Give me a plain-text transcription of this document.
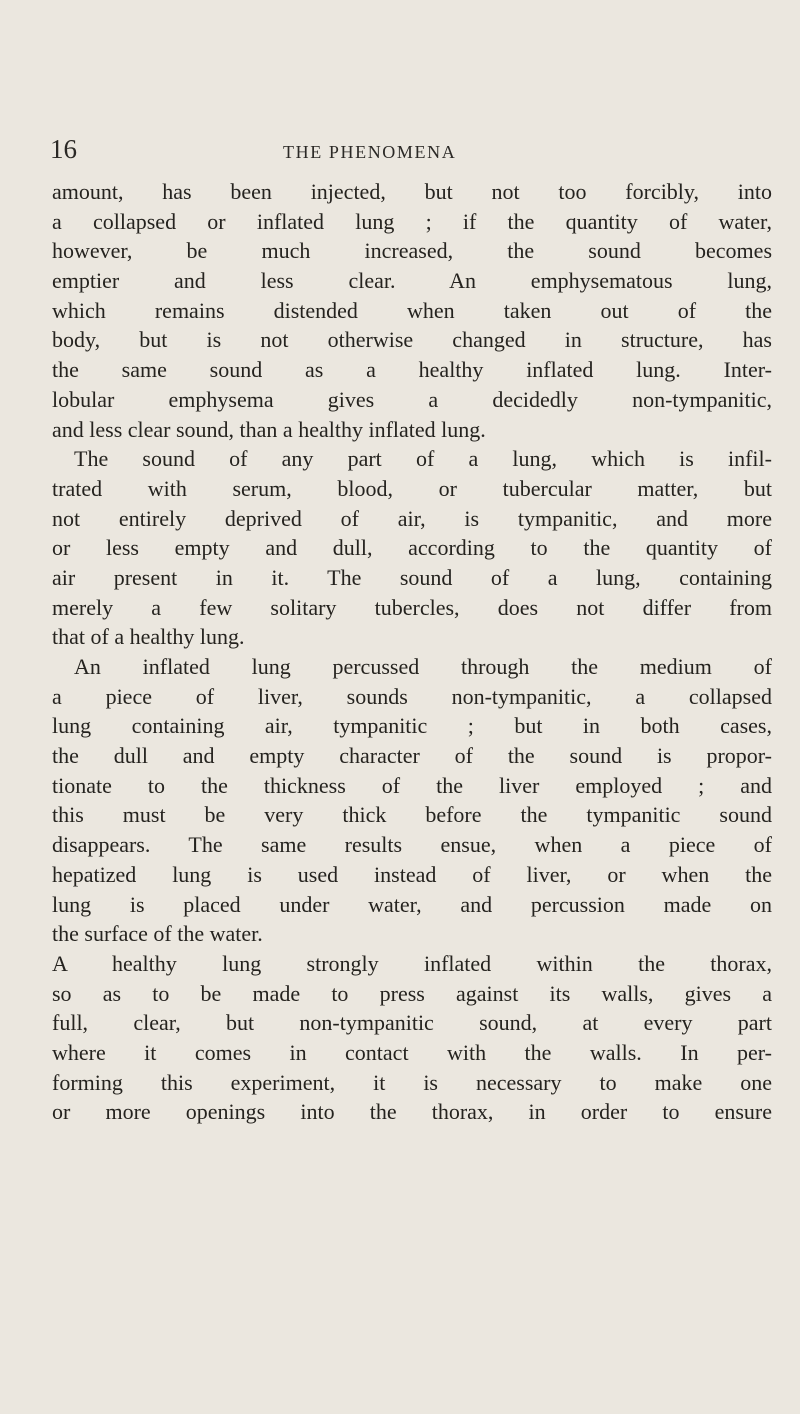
16	THE PHENOMENA
amount, has been injected, but not too forcibly, into
a collapsed or inflated lung ; if the quantity of water,
however, be much increased, the sound becomes
emptier and less clear. An emphysematous lung,
which remains distended when taken out of the
body, but is not otherwise changed in structure, has
the same sound as a healthy inflated lung. Inter-
lobular emphysema gives a decidedly non-tympanitic,
and less clear sound, than a healthy inflated lung.
The sound of any part of a lung, which is infil-
trated with serum, blood, or tubercular matter, but
not entirely deprived of air, is tympanitic, and more
or less empty and dull, according to the quantity of
air present in it. The sound of a lung, containing
merely a few solitary tubercles, does not differ from
that of a healthy lung.
An inflated lung percussed through the medium of
a piece of liver, sounds non-tympanitic, a collapsed
lung containing air, tympanitic ; but in both cases,
the dull and empty character of the sound is propor-
tionate to the thickness of the liver employed ; and
this must be very thick before the tympanitic sound
disappears. The same results ensue, when a piece of
hepatized lung is used instead of liver, or when the
lung is placed under water, and percussion made on
the surface of the water.
A healthy lung strongly inflated within the thorax,
so as to be made to press against its walls, gives a
full, clear, but non-tympanitic sound, at every part
where it comes in contact with the walls. In per-
forming this experiment, it is necessary to make one
or more openings into the thorax, in order to ensure
